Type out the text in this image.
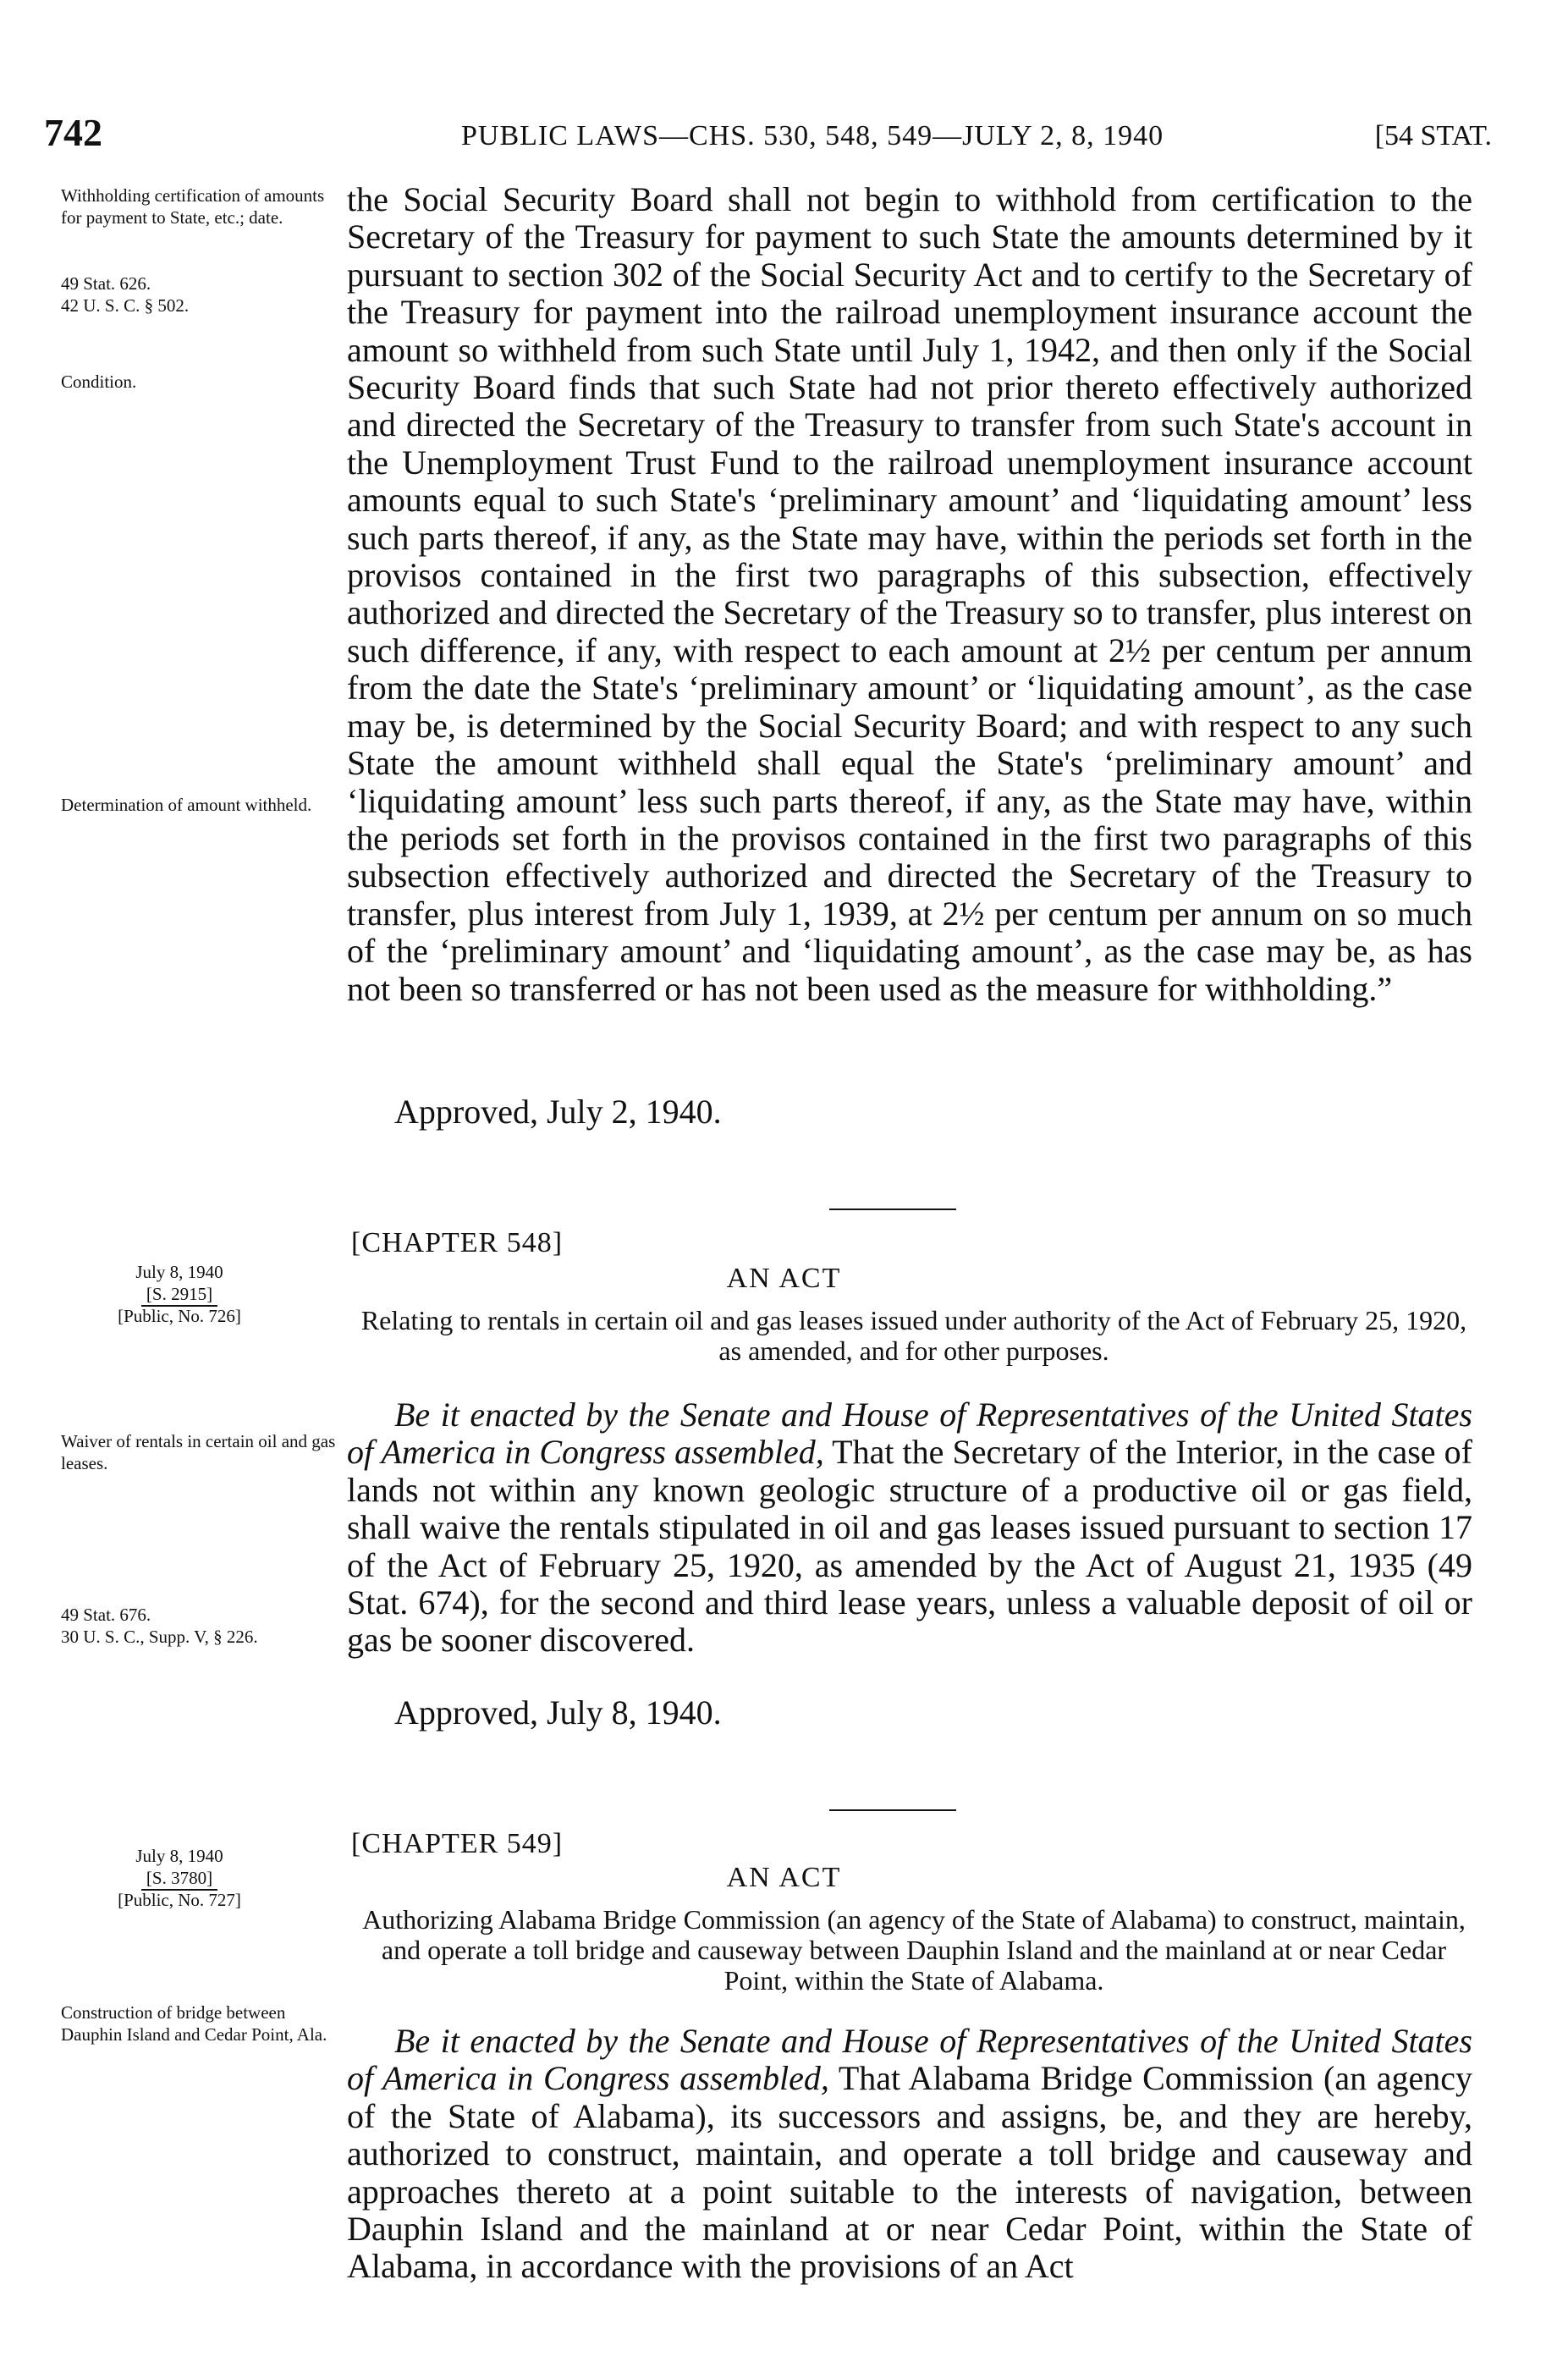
742	PUBLIC LAWS—CHS. 530, 548, 549—JULY 2, 8, 1940	[54 STAT.
Withholding certification of amounts for payment to State, etc.; date.
49 Stat. 626.
42 U. S. C. § 502.
Condition.
Determination of amount withheld.
July 8, 1940
[S. 2915]
[Public, No. 726]
Waiver of rentals in certain oil and gas leases.
49 Stat. 676.
30 U. S. C., Supp. V, § 226.
July 8, 1940
[S. 3780]
[Public, No. 727]
Construction of bridge between Dauphin Island and Cedar Point, Ala.

the Social Security Board shall not begin to withhold from certification to the Secretary of the Treasury for payment to such State the amounts determined by it pursuant to section 302 of the Social Security Act and to certify to the Secretary of the Treasury for payment into the railroad unemployment insurance account the amount so withheld from such State until July 1, 1942, and then only if the Social Security Board finds that such State had not prior thereto effectively authorized and directed the Secretary of the Treasury to transfer from such State's account in the Unemployment Trust Fund to the railroad unemployment insurance account amounts equal to such State's ‘preliminary amount’ and ‘liquidating amount’ less such parts thereof, if any, as the State may have, within the periods set forth in the provisos contained in the first two paragraphs of this subsection, effectively authorized and directed the Secretary of the Treasury so to transfer, plus interest on such difference, if any, with respect to each amount at 2½ per centum per annum from the date the State's ‘preliminary amount’ or ‘liquidating amount’, as the case may be, is determined by the Social Security Board; and with respect to any such State the amount withheld shall equal the State's ‘preliminary amount’ and ‘liquidating amount’ less such parts thereof, if any, as the State may have, within the periods set forth in the provisos contained in the first two paragraphs of this subsection effectively authorized and directed the Secretary of the Treasury to transfer, plus interest from July 1, 1939, at 2½ per centum per annum on so much of the ‘preliminary amount’ and ‘liquidating amount’, as the case may be, as has not been so transferred or has not been used as the measure for withholding.”

Approved, July 2, 1940.
[CHAPTER 548]
AN ACT
Relating to rentals in certain oil and gas leases issued under authority of the Act of February 25, 1920, as amended, and for other purposes.

Be it enacted by the Senate and House of Representatives of the United States of America in Congress assembled, That the Secretary of the Interior, in the case of lands not within any known geologic structure of a productive oil or gas field, shall waive the rentals stipulated in oil and gas leases issued pursuant to section 17 of the Act of February 25, 1920, as amended by the Act of August 21, 1935 (49 Stat. 674), for the second and third lease years, unless a valuable deposit of oil or gas be sooner discovered.

Approved, July 8, 1940.
[CHAPTER 549]
AN ACT
Authorizing Alabama Bridge Commission (an agency of the State of Alabama) to construct, maintain, and operate a toll bridge and causeway between Dauphin Island and the mainland at or near Cedar Point, within the State of Alabama.

Be it enacted by the Senate and House of Representatives of the United States of America in Congress assembled, That Alabama Bridge Commission (an agency of the State of Alabama), its successors and assigns, be, and they are hereby, authorized to construct, maintain, and operate a toll bridge and causeway and approaches thereto at a point suitable to the interests of navigation, between Dauphin Island and the mainland at or near Cedar Point, within the State of Alabama, in accordance with the provisions of an Act
